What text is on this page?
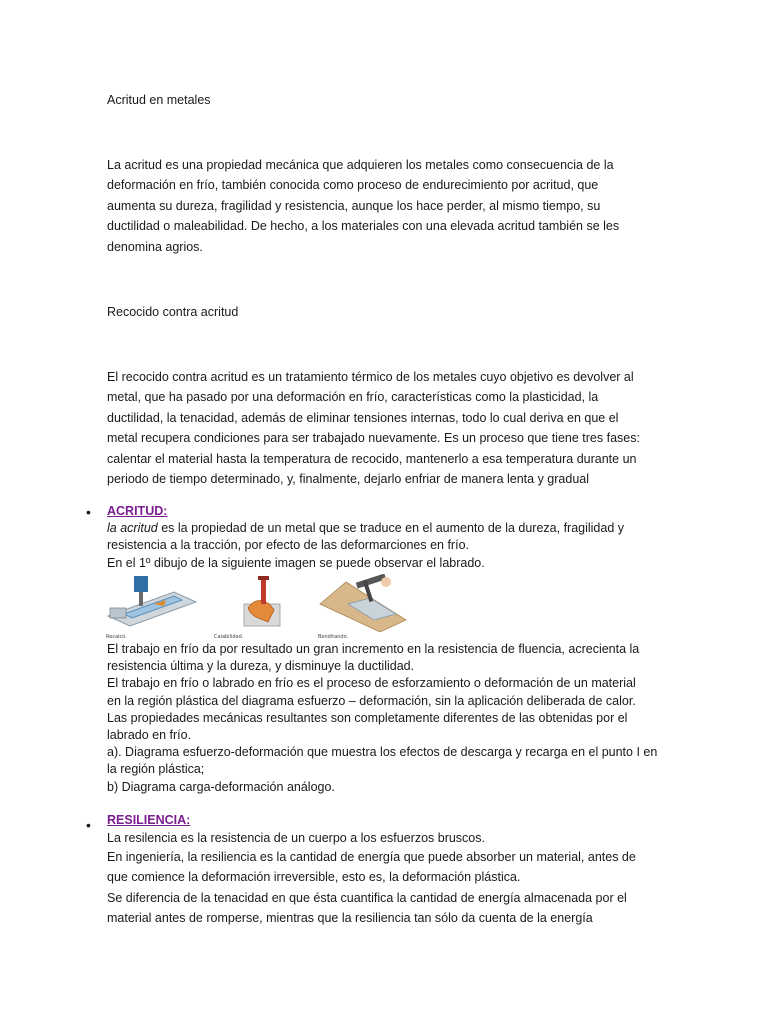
Acritud en metales
La acritud es una propiedad mecánica que adquieren los metales como consecuencia de la
deformación en frío, también conocida como proceso de endurecimiento por acritud, que
aumenta su dureza, fragilidad y resistencia, aunque los hace perder, al mismo tiempo, su
ductilidad o maleabilidad. De hecho, a los materiales con una elevada acritud también se les
denomina agrios.
Recocido contra acritud
El recocido contra acritud es un tratamiento térmico de los metales cuyo objetivo es devolver al
metal, que ha pasado por una deformación en frío, características como la plasticidad, la
ductilidad, la tenacidad, además de eliminar tensiones internas, todo lo cual deriva en que el
metal recupera condiciones para ser trabajado nuevamente. Es un proceso que tiene tres fases:
calentar el material hasta la temperatura de recocido, mantenerlo a esa temperatura durante un
periodo de tiempo determinado, y, finalmente, dejarlo enfriar de manera lenta y gradual
• ACRITUD:
la acritud es la propiedad de un metal que se traduce en el aumento de la dureza, fragilidad y
resistencia a la tracción, por efecto de las deformarciones en frío.
En el 1º dibujo de la siguiente imagen se puede observar el labrado.
Recalcó.	Calabilidad.	Benditando.
El trabajo en frío da por resultado un gran incremento en la resistencia de fluencia, acrecienta la
resistencia última y la dureza, y disminuye la ductilidad.
El trabajo en frío o labrado en frío es el proceso de esforzamiento o deformación de un material
en la región plástica del diagrama esfuerzo – deformación, sin la aplicación deliberada de calor.
Las propiedades mecánicas resultantes son completamente diferentes de las obtenidas por el
labrado en frío.
a). Diagrama esfuerzo-deformación que muestra los efectos de descarga y recarga en el punto I en
la región plástica;
b) Diagrama carga-deformación análogo.
• RESILIENCIA:
La resilencia es la resistencia de un cuerpo a los esfuerzos bruscos.
En ingeniería, la resiliencia es la cantidad de energía que puede absorber un material, antes de
que comience la deformación irreversible, esto es, la deformación plástica.
Se diferencia de la tenacidad en que ésta cuantifica la cantidad de energía almacenada por el
material antes de romperse, mientras que la resiliencia tan sólo da cuenta de la energía
